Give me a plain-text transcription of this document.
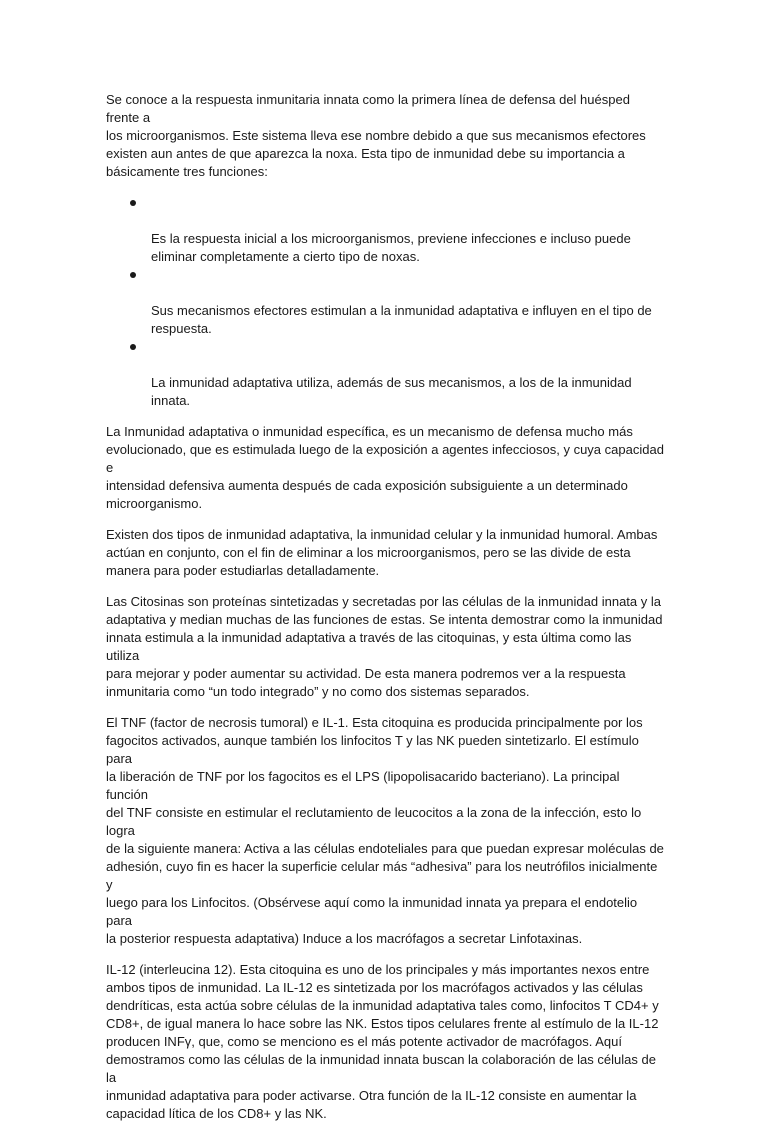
Se conoce a la respuesta inmunitaria innata como la primera línea de defensa del huésped frente a
los microorganismos. Este sistema lleva ese nombre debido a que sus mecanismos efectores
existen aun antes de que aparezca la noxa. Esta tipo de inmunidad debe su importancia a
básicamente tres funciones:

Es la respuesta inicial a los microorganismos, previene infecciones e incluso puede
eliminar completamente a cierto tipo de noxas.

Sus mecanismos efectores estimulan a la inmunidad adaptativa e influyen en el tipo de
respuesta.

La inmunidad adaptativa utiliza, además de sus mecanismos, a los de la inmunidad innata.

La Inmunidad adaptativa o inmunidad específica, es un mecanismo de defensa mucho más
evolucionado, que es estimulada luego de la exposición a agentes infecciosos, y cuya capacidad e
intensidad defensiva aumenta después de cada exposición subsiguiente a un determinado
microorganismo.

Existen dos tipos de inmunidad adaptativa, la inmunidad celular y la inmunidad humoral. Ambas
actúan en conjunto, con el fin de eliminar a los microorganismos, pero se las divide de esta
manera para poder estudiarlas detalladamente.

Las Citosinas son proteínas sintetizadas y secretadas por las células de la inmunidad innata y la
adaptativa y median muchas de las funciones de estas. Se intenta demostrar como la inmunidad
innata estimula a la inmunidad adaptativa a través de las citoquinas, y esta última como las utiliza
para mejorar y poder aumentar su actividad. De esta manera podremos ver a la respuesta
inmunitaria como “un todo integrado” y no como dos sistemas separados.

El TNF (factor de necrosis tumoral) e IL-1. Esta citoquina es producida principalmente por los
fagocitos activados, aunque también los linfocitos T y las NK pueden sintetizarlo. El estímulo para
la liberación de TNF por los fagocitos es el LPS (lipopolisacarido bacteriano). La principal función
del TNF consiste en estimular el reclutamiento de leucocitos a la zona de la infección, esto lo logra
de la siguiente manera: Activa a las células endoteliales para que puedan expresar moléculas de
adhesión, cuyo fin es hacer la superficie celular más “adhesiva” para los neutrófilos inicialmente y
luego para los Linfocitos. (Obsérvese aquí como la inmunidad innata ya prepara el endotelio para
la posterior respuesta adaptativa) Induce a los macrófagos a secretar Linfotaxinas.

IL-12 (interleucina 12). Esta citoquina es uno de los principales y más importantes nexos entre
ambos tipos de inmunidad. La IL-12 es sintetizada por los macrófagos activados y las células
dendríticas, esta actúa sobre células de la inmunidad adaptativa tales como, linfocitos T CD4+ y
CD8+, de igual manera lo hace sobre las NK. Estos tipos celulares frente al estímulo de la IL-12
producen INFγ, que, como se menciono es el más potente activador de macrófagos. Aquí
demostramos como las células de la inmunidad innata buscan la colaboración de las células de la
inmunidad adaptativa para poder activarse. Otra función de la IL-12 consiste en aumentar la
capacidad lítica de los CD8+ y las NK.
